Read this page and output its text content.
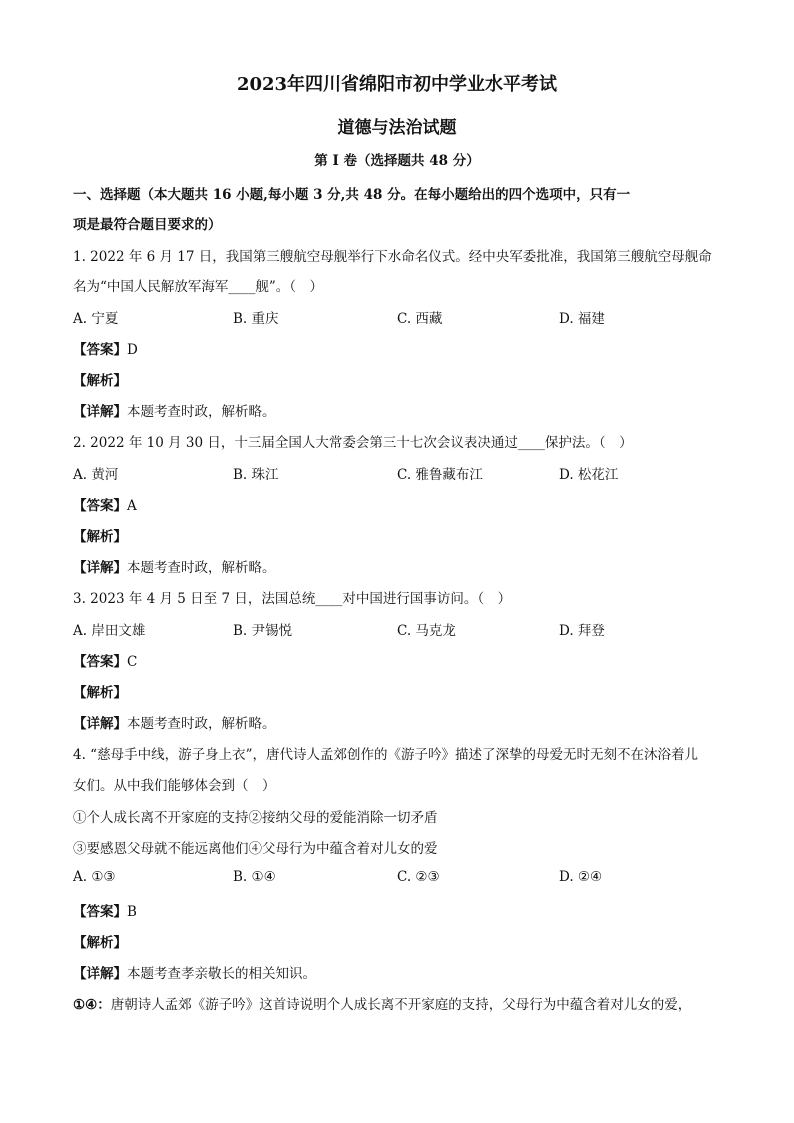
2023年四川省绵阳市初中学业水平考试
道德与法治试题
第 I 卷（选择题共 48 分）
一、选择题（本大题共 16 小题,每小题 3 分,共 48 分。在每小题给出的四个选项中，只有一
项是最符合题目要求的）
1. 2022 年 6 月 17 日，我国第三艘航空母舰举行下水命名仪式。经中央军委批准，我国第三艘航空母舰命
名为“中国人民解放军海军____舰”。（　）
A. 宁夏	B. 重庆	C. 西藏	D. 福建
【答案】D
【解析】
【详解】本题考查时政，解析略。
2. 2022 年 10 月 30 日，十三届全国人大常委会第三十七次会议表决通过____保护法。（　）
A. 黄河	B. 珠江	C. 雅鲁藏布江	D. 松花江
【答案】A
【解析】
【详解】本题考查时政，解析略。
3. 2023 年 4 月 5 日至 7 日，法国总统____对中国进行国事访问。（　）
A. 岸田文雄	B. 尹锡悦	C. 马克龙	D. 拜登
【答案】C
【解析】
【详解】本题考查时政，解析略。
4. “慈母手中线，游子身上衣”，唐代诗人孟郊创作的《游子吟》描述了深挚的母爱无时无刻不在沐浴着儿
女们。从中我们能够体会到（　）
①个人成长离不开家庭的支持②接纳父母的爱能消除一切矛盾
③要感恩父母就不能远离他们④父母行为中蕴含着对儿女的爱
A. ①③	B. ①④	C. ②③	D. ②④
【答案】B
【解析】
【详解】本题考查孝亲敬长的相关知识。
①④：唐朝诗人孟郊《游子吟》这首诗说明个人成长离不开家庭的支持，父母行为中蕴含着对儿女的爱，
